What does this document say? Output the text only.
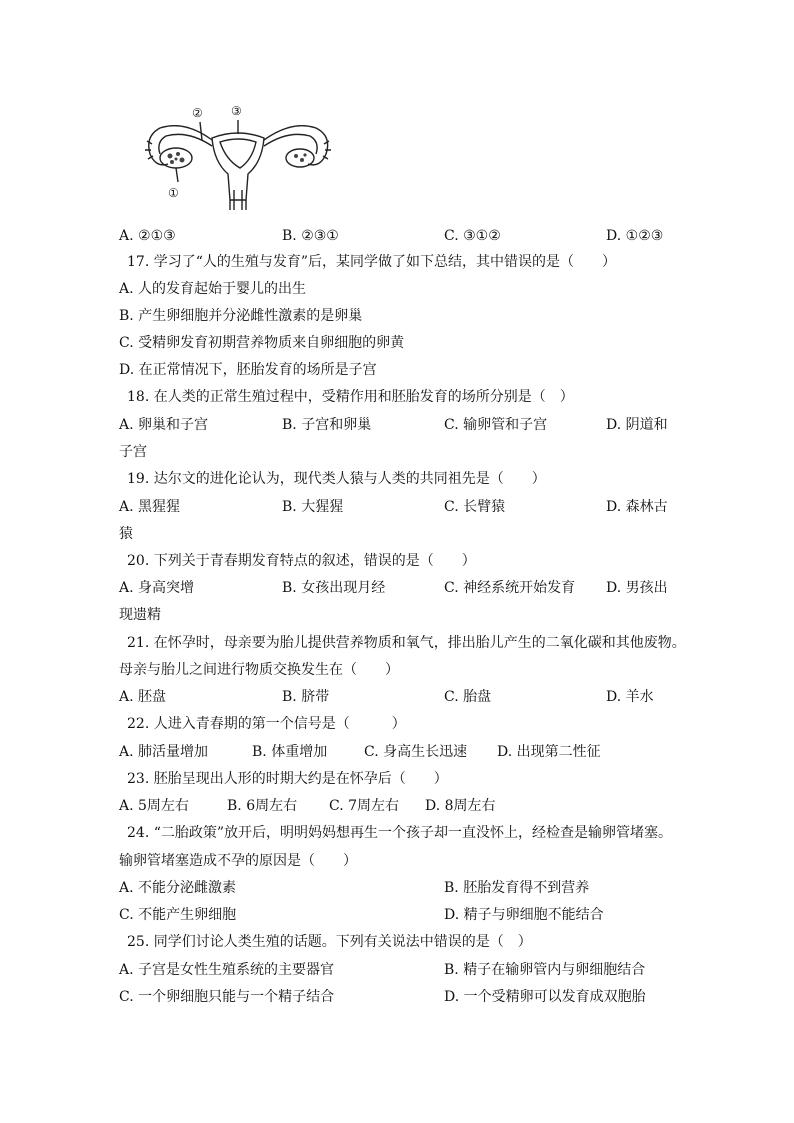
② ③
①
A. ②①③	B. ②③①	C. ③①②	D. ①②③
17. 学习了“人的生殖与发育”后，某同学做了如下总结，其中错误的是（　　）
A. 人的发育起始于婴儿的出生
B. 产生卵细胞并分泌雌性激素的是卵巢
C. 受精卵发育初期营养物质来自卵细胞的卵黄
D. 在正常情况下，胚胎发育的场所是子宫
18. 在人类的正常生殖过程中，受精作用和胚胎发育的场所分别是（　）
A. 卵巢和子宫	B. 子宫和卵巢	C. 输卵管和子宫	D. 阴道和
子宫
19. 达尔文的进化论认为，现代类人猿与人类的共同祖先是（　　）
A. 黑猩猩	B. 大猩猩	C. 长臂猿	D. 森林古
猿
20. 下列关于青春期发育特点的叙述，错误的是（　　）
A. 身高突增	B. 女孩出现月经	C. 神经系统开始发育 D. 男孩出
现遗精
21. 在怀孕时，母亲要为胎儿提供营养物质和氧气，排出胎儿产生的二氧化碳和其他废物。
母亲与胎儿之间进行物质交换发生在（　　）
A. 胚盘	B. 脐带	C. 胎盘	D. 羊水
22. 人进入青春期的第一个信号是（　　　）
A. 肺活量增加	B. 体重增加	C. 身高生长迅速 D. 出现第二性征
23. 胚胎呈现出人形的时期大约是在怀孕后（　　）
A. 5周左右	B. 6周左右 C. 7周左右 D. 8周左右
24. “二胎政策”放开后，明明妈妈想再生一个孩子却一直没怀上，经检查是输卵管堵塞。
输卵管堵塞造成不孕的原因是（　　）
A. 不能分泌雌激素	B. 胚胎发育得不到营养
C. 不能产生卵细胞	D. 精子与卵细胞不能结合
25. 同学们讨论人类生殖的话题。下列有关说法中错误的是（　）
A. 子宫是女性生殖系统的主要器官	B. 精子在输卵管内与卵细胞结合
C. 一个卵细胞只能与一个精子结合	D. 一个受精卵可以发育成双胞胎
